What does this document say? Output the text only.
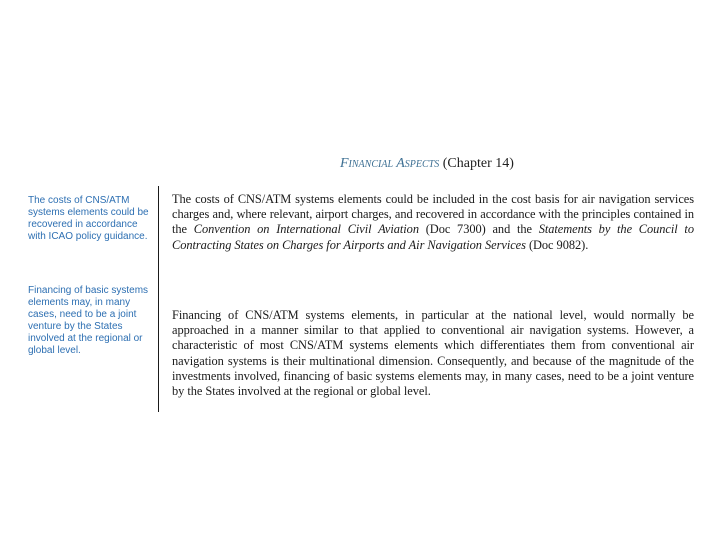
Financial Aspects (Chapter 14)

The costs of CNS/ATM systems elements could be recovered in accordance with ICAO policy guidance.

Financing of basic systems elements may, in many cases, need to be a joint venture by the States involved at the regional or global level.

The costs of CNS/ATM systems elements could be included in the cost basis for air navigation services charges and, where relevant, airport charges, and recovered in accordance with the principles contained in the Convention on International Civil Aviation (Doc 7300) and the Statements by the Council to Contracting States on Charges for Airports and Air Navigation Services (Doc 9082).

Financing of CNS/ATM systems elements, in particular at the national level, would normally be approached in a manner similar to that applied to conventional air navigation systems. However, a characteristic of most CNS/ATM systems elements which differentiates them from conventional air navigation systems is their multinational dimension. Consequently, and because of the magnitude of the investments involved, financing of basic systems elements may, in many cases, need to be a joint venture by the States involved at the regional or global level.
